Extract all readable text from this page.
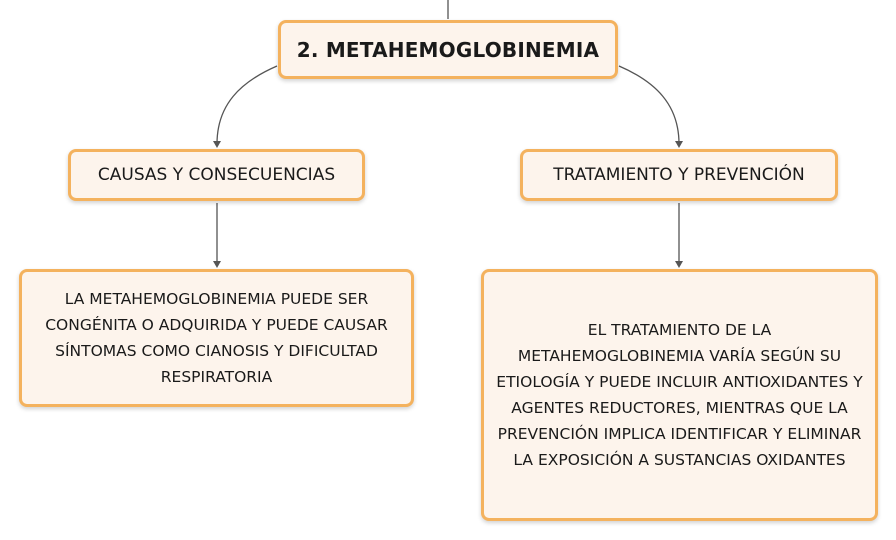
2. METAHEMOGLOBINEMIA
CAUSAS Y CONSECUENCIAS	TRATAMIENTO Y PREVENCIÓN
LA METAHEMOGLOBINEMIA PUEDE SER CONGÉNITA O ADQUIRIDA Y PUEDE CAUSAR SÍNTOMAS COMO CIANOSIS Y DIFICULTAD RESPIRATORIA
EL TRATAMIENTO DE LA METAHEMOGLOBINEMIA VARÍA SEGÚN SU ETIOLOGÍA Y PUEDE INCLUIR ANTIOXIDANTES Y AGENTES REDUCTORES, MIENTRAS QUE LA PREVENCIÓN IMPLICA IDENTIFICAR Y ELIMINAR LA EXPOSICIÓN A SUSTANCIAS OXIDANTES
